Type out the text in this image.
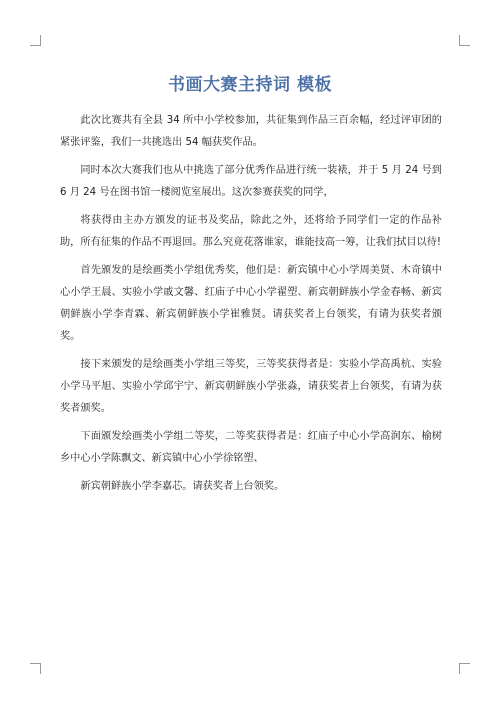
书画大赛主持词 模板

此次比赛共有全县 34 所中小学校参加，共征集到作品三百余幅，经过评审团的紧张评鉴，我们一共挑选出 54 幅获奖作品。

同时本次大赛我们也从中挑选了部分优秀作品进行统一装裱，并于 5 月 24 号到 6 月 24 号在图书馆一楼阅览室展出。这次参赛获奖的同学，

将获得由主办方颁发的证书及奖品，除此之外，还将给予同学们一定的作品补助，所有征集的作品不再退回。那么究竟花落谁家，谁能技高一筹，让我们拭目以待!

首先颁发的是绘画类小学组优秀奖，他们是：新宾镇中心小学周美贤、木奇镇中心小学王晨、实验小学戚文馨、红庙子中心小学翟塑、新宾朝鲜族小学金春畅、新宾朝鲜族小学李青霖、新宾朝鲜族小学崔雅贤。请获奖者上台领奖，有请为获奖者颁奖。

接下来颁发的是绘画类小学组三等奖，三等奖获得者是：实验小学高禹杭、实验小学马平旭、实验小学邱宇宁、新宾朝鲜族小学张淼，请获奖者上台领奖，有请为获奖者颁奖。

下面颁发绘画类小学组二等奖，二等奖获得者是：红庙子中心小学高润东、榆树乡中心小学陈飘文、新宾镇中心小学徐铭塑、

新宾朝鲜族小学李嘉芯。请获奖者上台领奖。
